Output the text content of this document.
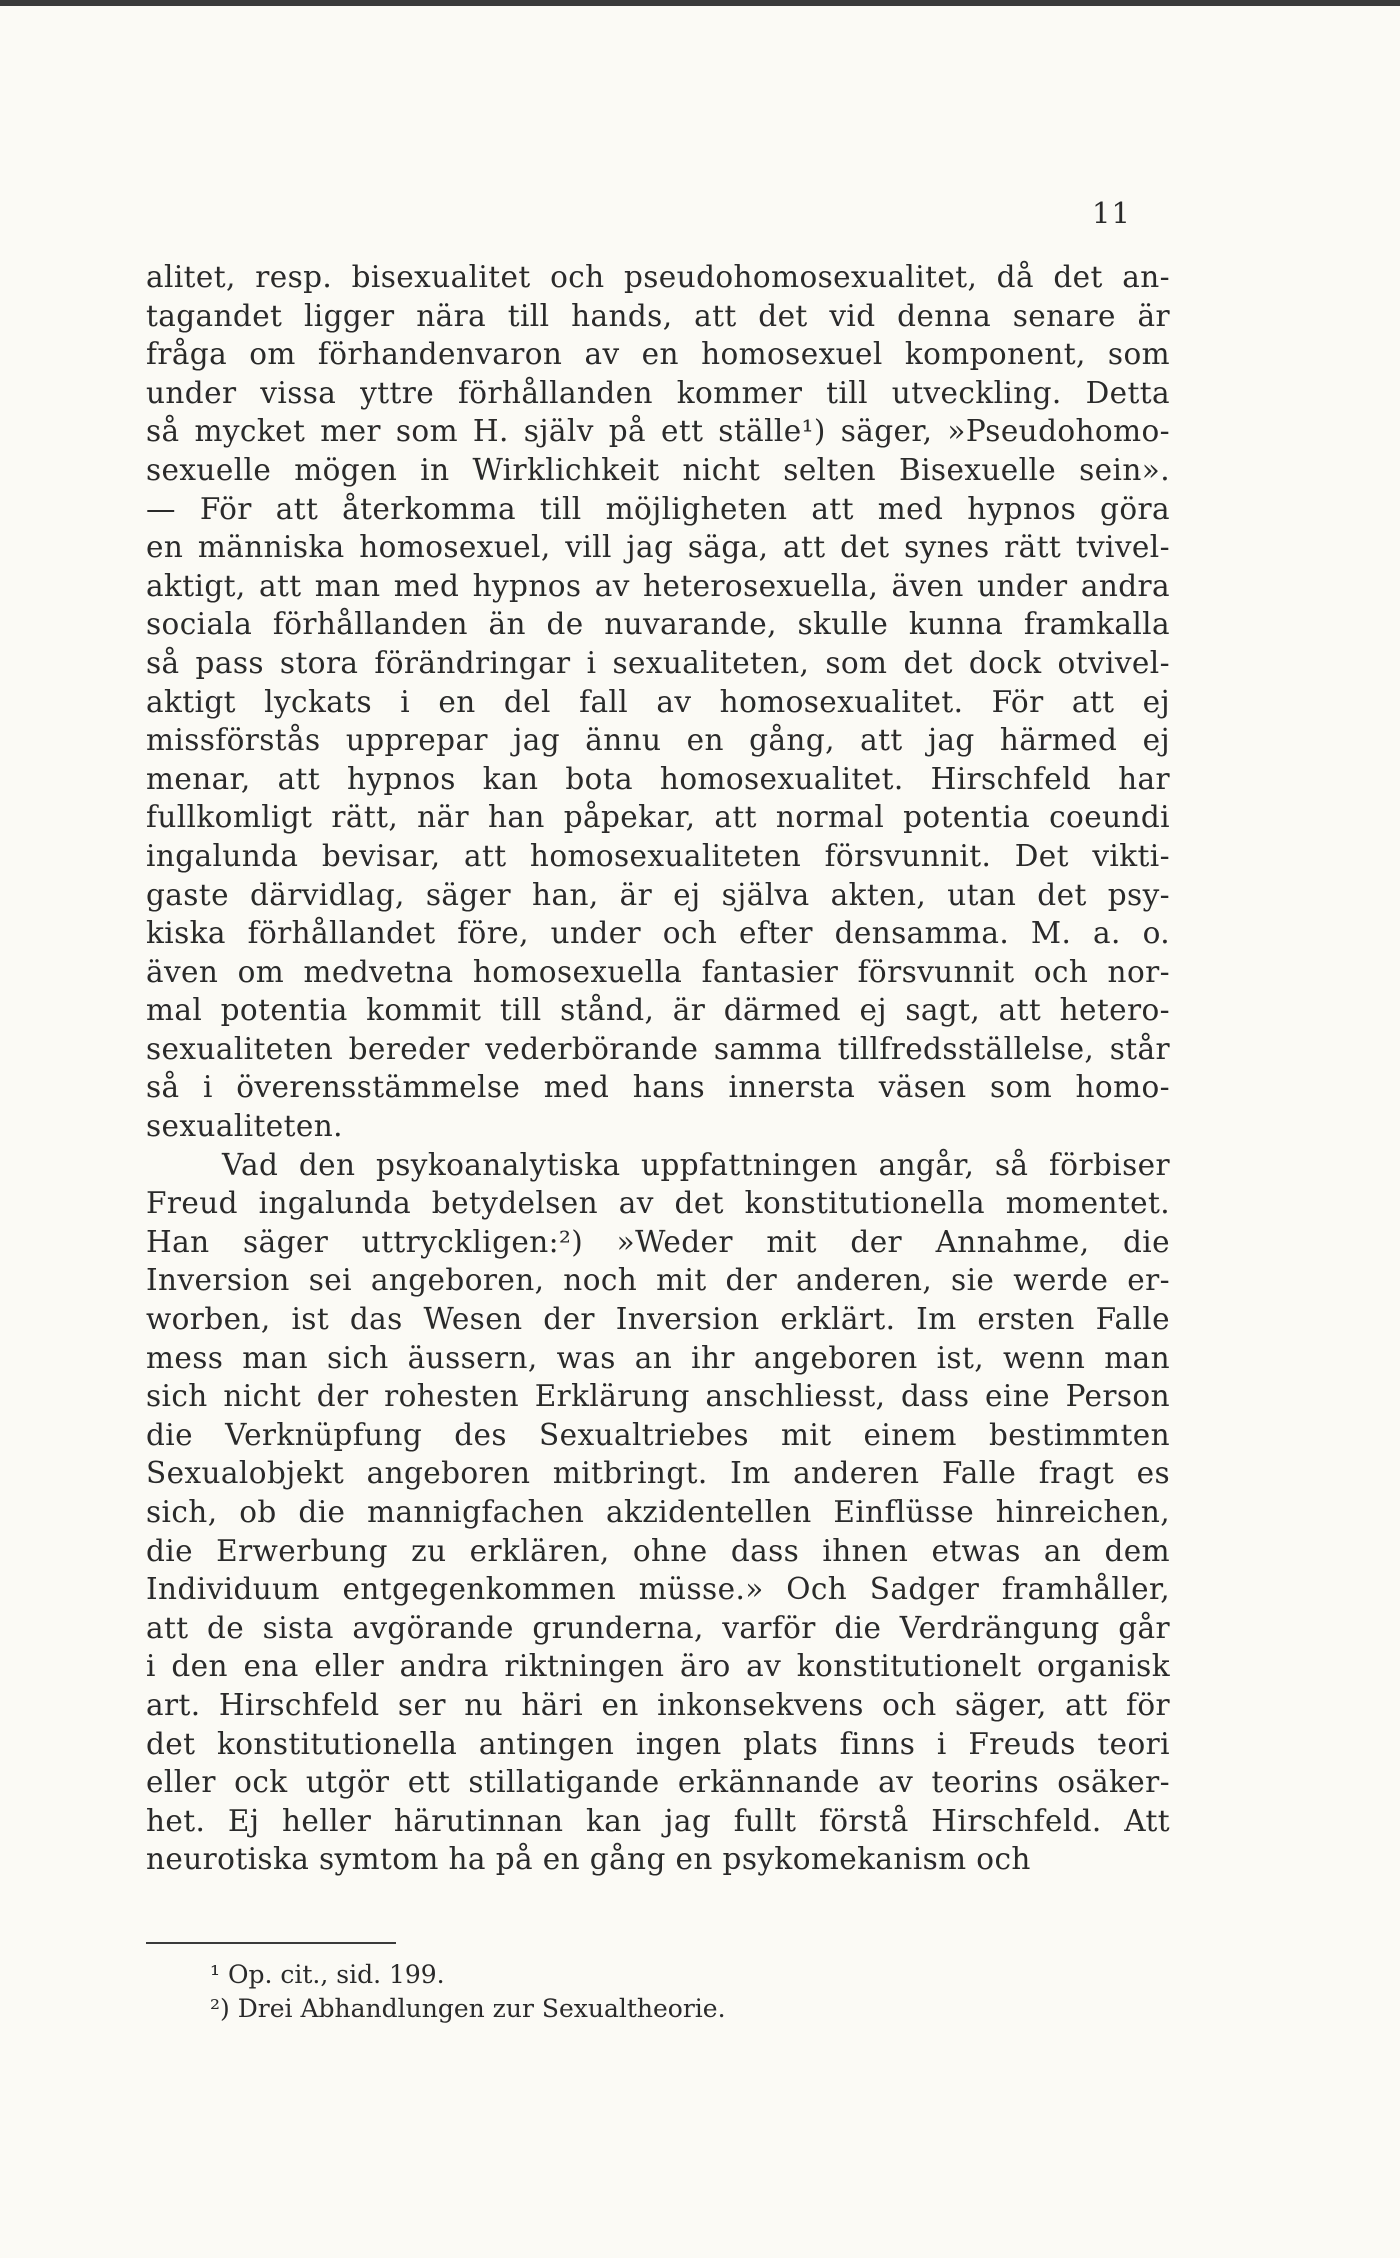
11
alitet, resp. bisexualitet och pseudohomosexualitet, då det an-
tagandet ligger nära till hands, att det vid denna senare är
fråga om förhandenvaron av en homosexuel komponent, som
under vissa yttre förhållanden kommer till utveckling. Detta
så mycket mer som H. själv på ett ställe¹) säger, »Pseudohomo-
sexuelle mögen in Wirklichkeit nicht selten Bisexuelle sein».
— För att återkomma till möjligheten att med hypnos göra
en människa homosexuel, vill jag säga, att det synes rätt tvivel-
aktigt, att man med hypnos av heterosexuella, även under andra
sociala förhållanden än de nuvarande, skulle kunna framkalla
så pass stora förändringar i sexualiteten, som det dock otvivel-
aktigt lyckats i en del fall av homosexualitet. För att ej
missförstås upprepar jag ännu en gång, att jag härmed ej
menar, att hypnos kan bota homosexualitet. Hirschfeld har
fullkomligt rätt, när han påpekar, att normal potentia coeundi
ingalunda bevisar, att homosexualiteten försvunnit. Det vikti-
gaste därvidlag, säger han, är ej själva akten, utan det psy-
kiska förhållandet före, under och efter densamma. M. a. o.
även om medvetna homosexuella fantasier försvunnit och nor-
mal potentia kommit till stånd, är därmed ej sagt, att hetero-
sexualiteten bereder vederbörande samma tillfredsställelse, står
så i överensstämmelse med hans innersta väsen som homo-
sexualiteten.
Vad den psykoanalytiska uppfattningen angår, så förbiser
Freud ingalunda betydelsen av det konstitutionella momentet.
Han säger uttryckligen:²) »Weder mit der Annahme, die
Inversion sei angeboren, noch mit der anderen, sie werde er-
worben, ist das Wesen der Inversion erklärt. Im ersten Falle
mess man sich äussern, was an ihr angeboren ist, wenn man
sich nicht der rohesten Erklärung anschliesst, dass eine Person
die Verknüpfung des Sexualtriebes mit einem bestimmten
Sexualobjekt angeboren mitbringt. Im anderen Falle fragt es
sich, ob die mannigfachen akzidentellen Einflüsse hinreichen,
die Erwerbung zu erklären, ohne dass ihnen etwas an dem
Individuum entgegenkommen müsse.» Och Sadger framhåller,
att de sista avgörande grunderna, varför die Verdrängung går
i den ena eller andra riktningen äro av konstitutionelt organisk
art. Hirschfeld ser nu häri en inkonsekvens och säger, att för
det konstitutionella antingen ingen plats finns i Freuds teori
eller ock utgör ett stillatigande erkännande av teorins osäker-
het. Ej heller härutinnan kan jag fullt förstå Hirschfeld. Att
neurotiska symtom ha på en gång en psykomekanism och
¹ Op. cit., sid. 199.
²) Drei Abhandlungen zur Sexualtheorie.
